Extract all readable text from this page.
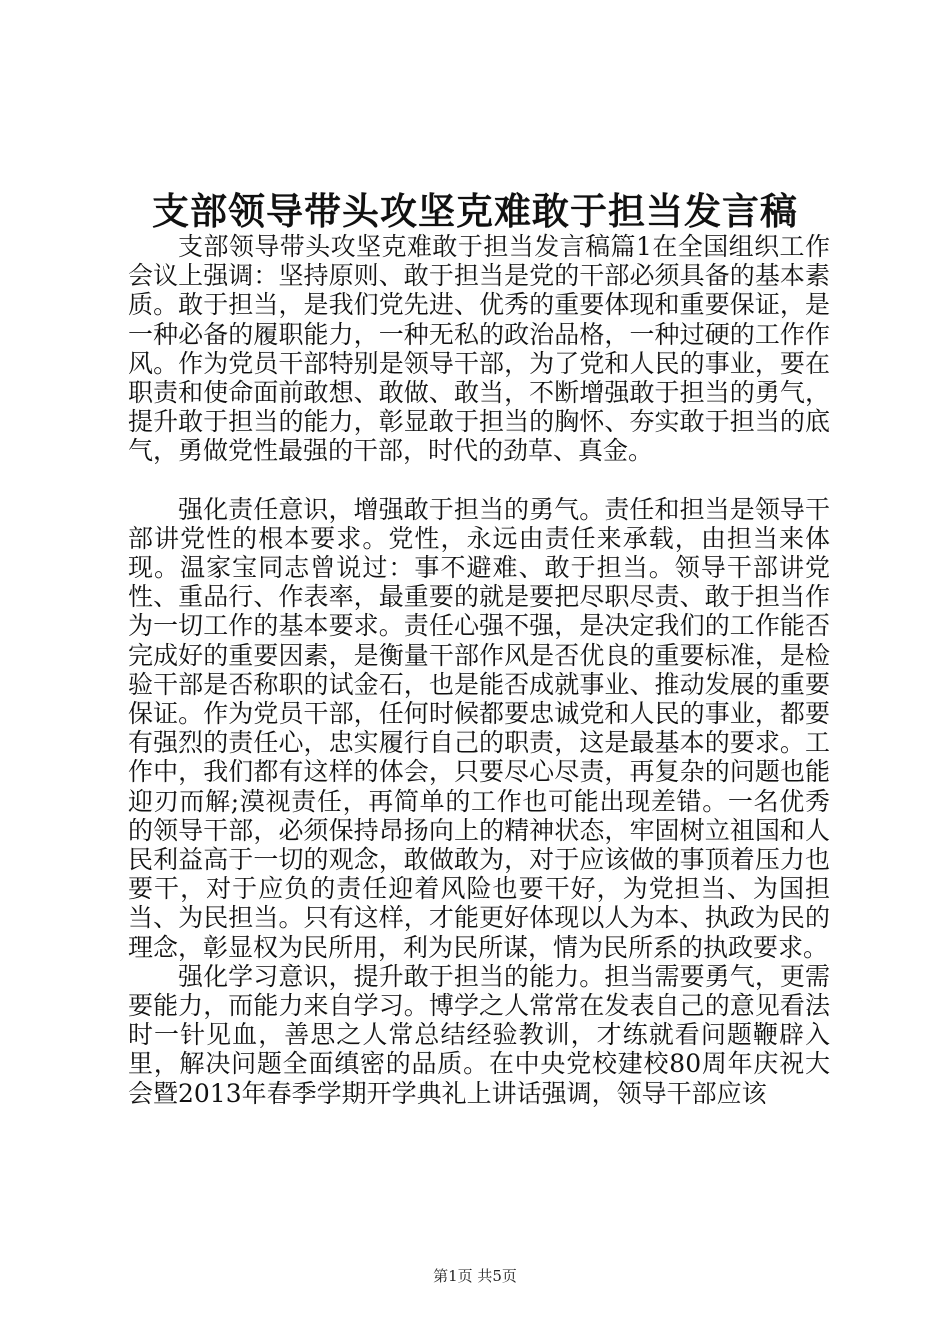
支部领导带头攻坚克难敢于担当发言稿

支部领导带头攻坚克难敢于担当发言稿篇1在全国组织工作会议上强调：坚持原则、敢于担当是党的干部必须具备的基本素质。敢于担当，是我们党先进、优秀的重要体现和重要保证，是一种必备的履职能力，一种无私的政治品格，一种过硬的工作作风。作为党员干部特别是领导干部，为了党和人民的事业，要在职责和使命面前敢想、敢做、敢当，不断增强敢于担当的勇气，提升敢于担当的能力，彰显敢于担当的胸怀、夯实敢于担当的底气，勇做党性最强的干部，时代的劲草、真金。

强化责任意识，增强敢于担当的勇气。责任和担当是领导干部讲党性的根本要求。党性，永远由责任来承载，由担当来体现。温家宝同志曾说过：事不避难、敢于担当。领导干部讲党性、重品行、作表率，最重要的就是要把尽职尽责、敢于担当作为一切工作的基本要求。责任心强不强，是决定我们的工作能否完成好的重要因素，是衡量干部作风是否优良的重要标准，是检验干部是否称职的试金石，也是能否成就事业、推动发展的重要保证。作为党员干部，任何时候都要忠诚党和人民的事业，都要有强烈的责任心，忠实履行自己的职责，这是最基本的要求。工作中，我们都有这样的体会，只要尽心尽责，再复杂的问题也能迎刃而解;漠视责任，再简单的工作也可能出现差错。一名优秀的领导干部，必须保持昂扬向上的精神状态，牢固树立祖国和人民利益高于一切的观念，敢做敢为，对于应该做的事顶着压力也要干，对于应负的责任迎着风险也要干好，为党担当、为国担当、为民担当。只有这样，才能更好体现以人为本、执政为民的理念，彰显权为民所用，利为民所谋，情为民所系的执政要求。

强化学习意识，提升敢于担当的能力。担当需要勇气，更需要能力，而能力来自学习。博学之人常常在发表自己的意见看法时一针见血，善思之人常总结经验教训，才练就看问题鞭辟入里，解决问题全面缜密的品质。在中央党校建校80周年庆祝大会暨2013年春季学期开学典礼上讲话强调，领导干部应该

第1页 共5页
